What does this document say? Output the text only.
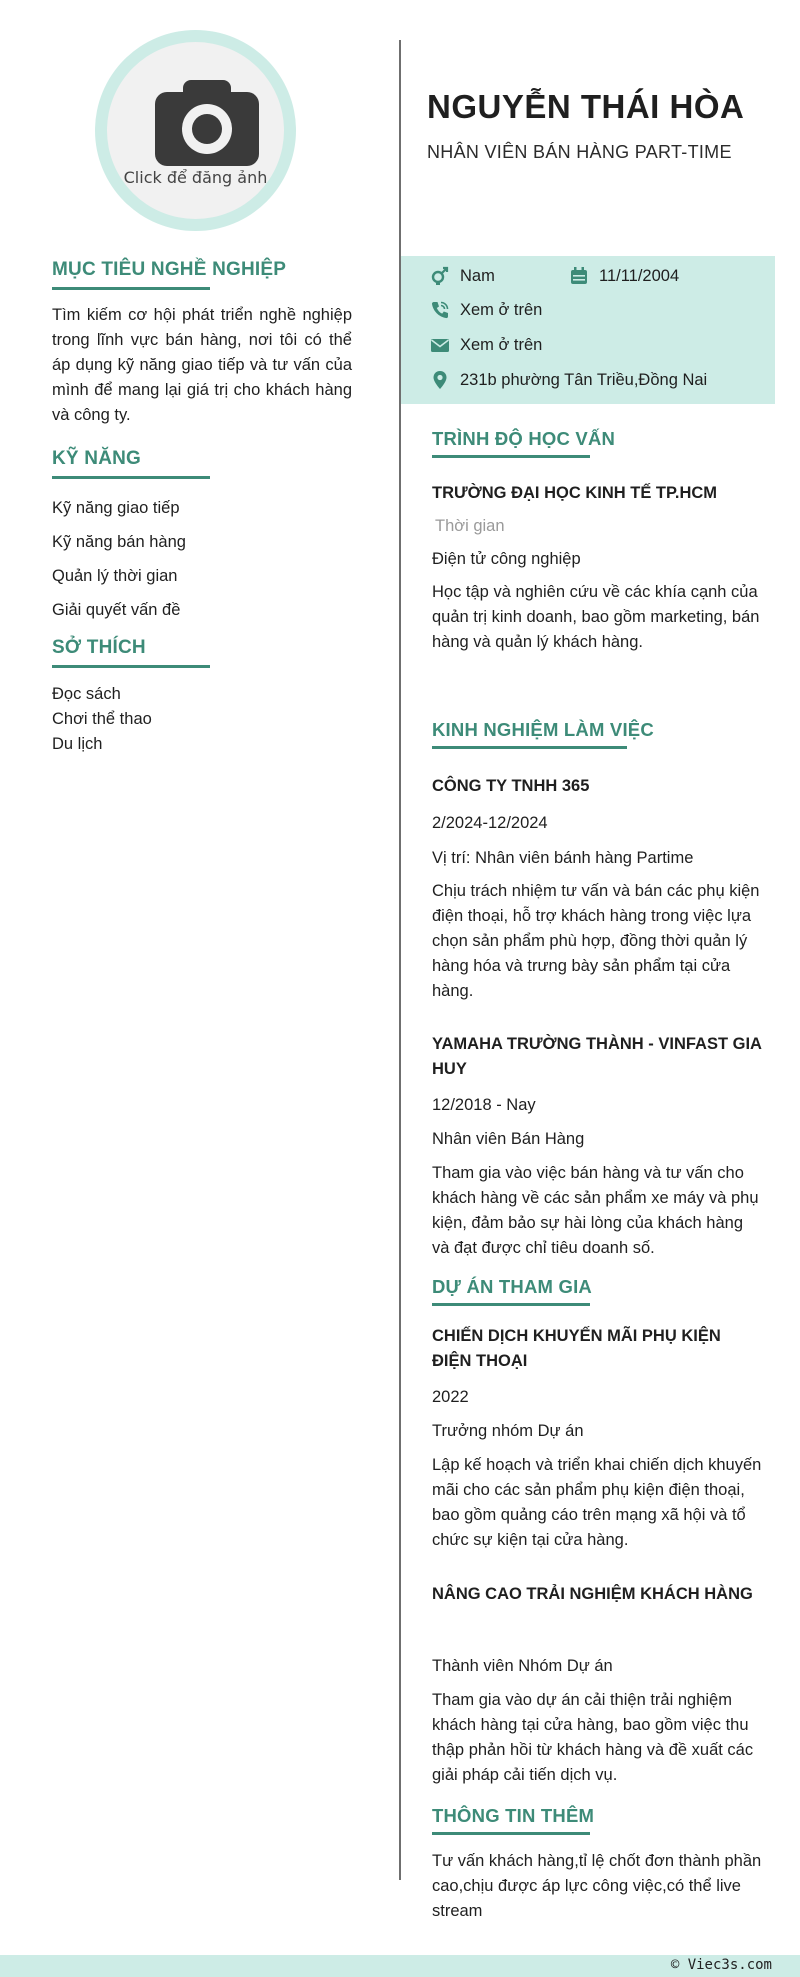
Click để đăng ảnh
MỤC TIÊU NGHỀ NGHIỆP
Tìm kiếm cơ hội phát triển nghề nghiệp trong lĩnh vực bán hàng, nơi tôi có thể áp dụng kỹ năng giao tiếp và tư vấn của mình để mang lại giá trị cho khách hàng và công ty.
KỸ NĂNG
Kỹ năng giao tiếp
Kỹ năng bán hàng
Quản lý thời gian
Giải quyết vấn đề
SỞ THÍCH
Đọc sách
Chơi thể thao
Du lịch
NGUYỄN THÁI HÒA
NHÂN VIÊN BÁN HÀNG PART-TIME
Nam	11/11/2004
Xem ở trên
Xem ở trên
231b phường Tân Triều,Đồng Nai
TRÌNH ĐỘ HỌC VẤN
TRƯỜNG ĐẠI HỌC KINH TẾ TP.HCM
Thời gian
Điện tử công nghiệp
Học tập và nghiên cứu về các khía cạnh của quản trị kinh doanh, bao gồm marketing, bán hàng và quản lý khách hàng.
KINH NGHIỆM LÀM VIỆC
CÔNG TY TNHH 365
2/2024-12/2024
Vị trí: Nhân viên bánh hàng Partime
Chịu trách nhiệm tư vấn và bán các phụ kiện điện thoại, hỗ trợ khách hàng trong việc lựa chọn sản phẩm phù hợp, đồng thời quản lý hàng hóa và trưng bày sản phẩm tại cửa hàng.
YAMAHA TRƯỜNG THÀNH - VINFAST GIA HUY
12/2018 - Nay
Nhân viên Bán Hàng
Tham gia vào việc bán hàng và tư vấn cho khách hàng về các sản phẩm xe máy và phụ kiện, đảm bảo sự hài lòng của khách hàng và đạt được chỉ tiêu doanh số.
DỰ ÁN THAM GIA
CHIẾN DỊCH KHUYẾN MÃI PHỤ KIỆN ĐIỆN THOẠI
2022
Trưởng nhóm Dự án
Lập kế hoạch và triển khai chiến dịch khuyến mãi cho các sản phẩm phụ kiện điện thoại, bao gồm quảng cáo trên mạng xã hội và tổ chức sự kiện tại cửa hàng.
NÂNG CAO TRẢI NGHIỆM KHÁCH HÀNG
Thành viên Nhóm Dự án
Tham gia vào dự án cải thiện trải nghiệm khách hàng tại cửa hàng, bao gồm việc thu thập phản hồi từ khách hàng và đề xuất các giải pháp cải tiến dịch vụ.
THÔNG TIN THÊM
Tư vấn khách hàng,tỉ lệ chốt đơn thành phần cao,chịu được áp lực công việc,có thể live stream
© Viec3s.com
